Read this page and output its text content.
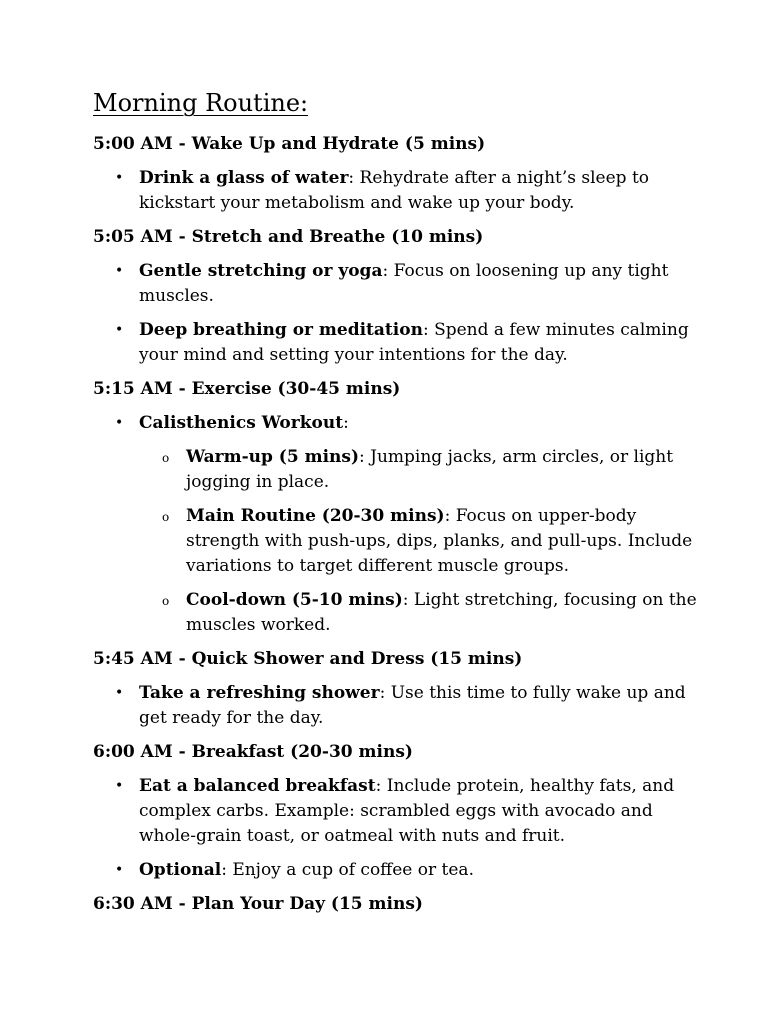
Morning Routine:
5:00 AM - Wake Up and Hydrate (5 mins)
• Drink a glass of water: Rehydrate after a night’s sleep to kickstart your metabolism and wake up your body.
5:05 AM - Stretch and Breathe (10 mins)
• Gentle stretching or yoga: Focus on loosening up any tight muscles.
• Deep breathing or meditation: Spend a few minutes calming your mind and setting your intentions for the day.
5:15 AM - Exercise (30-45 mins)
• Calisthenics Workout:
o Warm-up (5 mins): Jumping jacks, arm circles, or light jogging in place.
o Main Routine (20-30 mins): Focus on upper-body strength with push-ups, dips, planks, and pull-ups. Include variations to target different muscle groups.
o Cool-down (5-10 mins): Light stretching, focusing on the muscles worked.
5:45 AM - Quick Shower and Dress (15 mins)
• Take a refreshing shower: Use this time to fully wake up and get ready for the day.
6:00 AM - Breakfast (20-30 mins)
• Eat a balanced breakfast: Include protein, healthy fats, and complex carbs. Example: scrambled eggs with avocado and whole-grain toast, or oatmeal with nuts and fruit.
• Optional: Enjoy a cup of coffee or tea.
6:30 AM - Plan Your Day (15 mins)
